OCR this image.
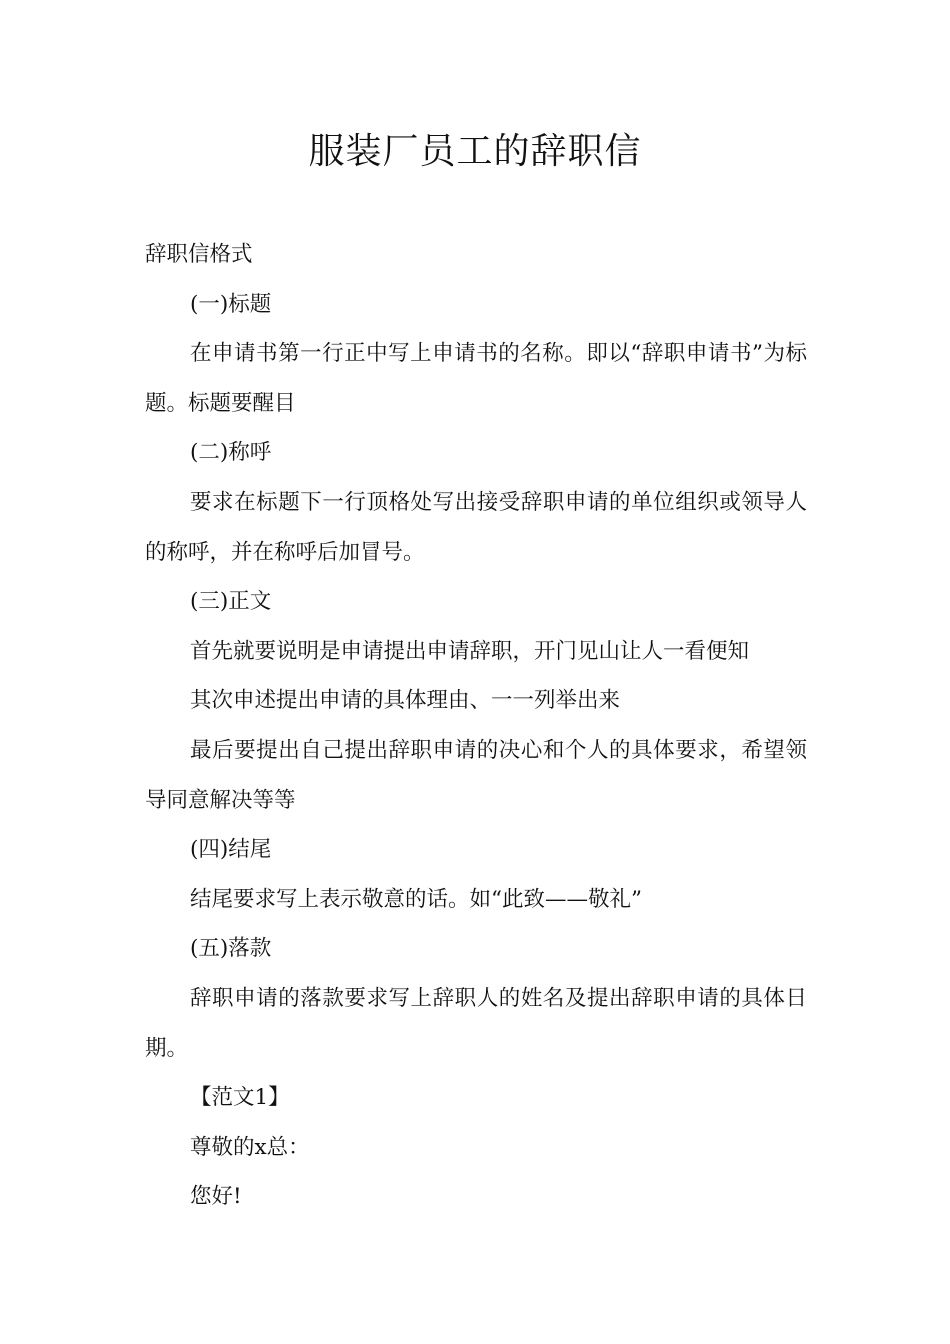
服装厂员工的辞职信

辞职信格式

(一)标题

在申请书第一行正中写上申请书的名称。即以“辞职申请书”为标题。标题要醒目

(二)称呼

要求在标题下一行顶格处写出接受辞职申请的单位组织或领导人的称呼，并在称呼后加冒号。

(三)正文

首先就要说明是申请提出申请辞职，开门见山让人一看便知

其次申述提出申请的具体理由、一一列举出来

最后要提出自己提出辞职申请的决心和个人的具体要求，希望领导同意解决等等

(四)结尾

结尾要求写上表示敬意的话。如“此致——敬礼”

(五)落款

辞职申请的落款要求写上辞职人的姓名及提出辞职申请的具体日期。

【范文1】

尊敬的x总：

您好!
